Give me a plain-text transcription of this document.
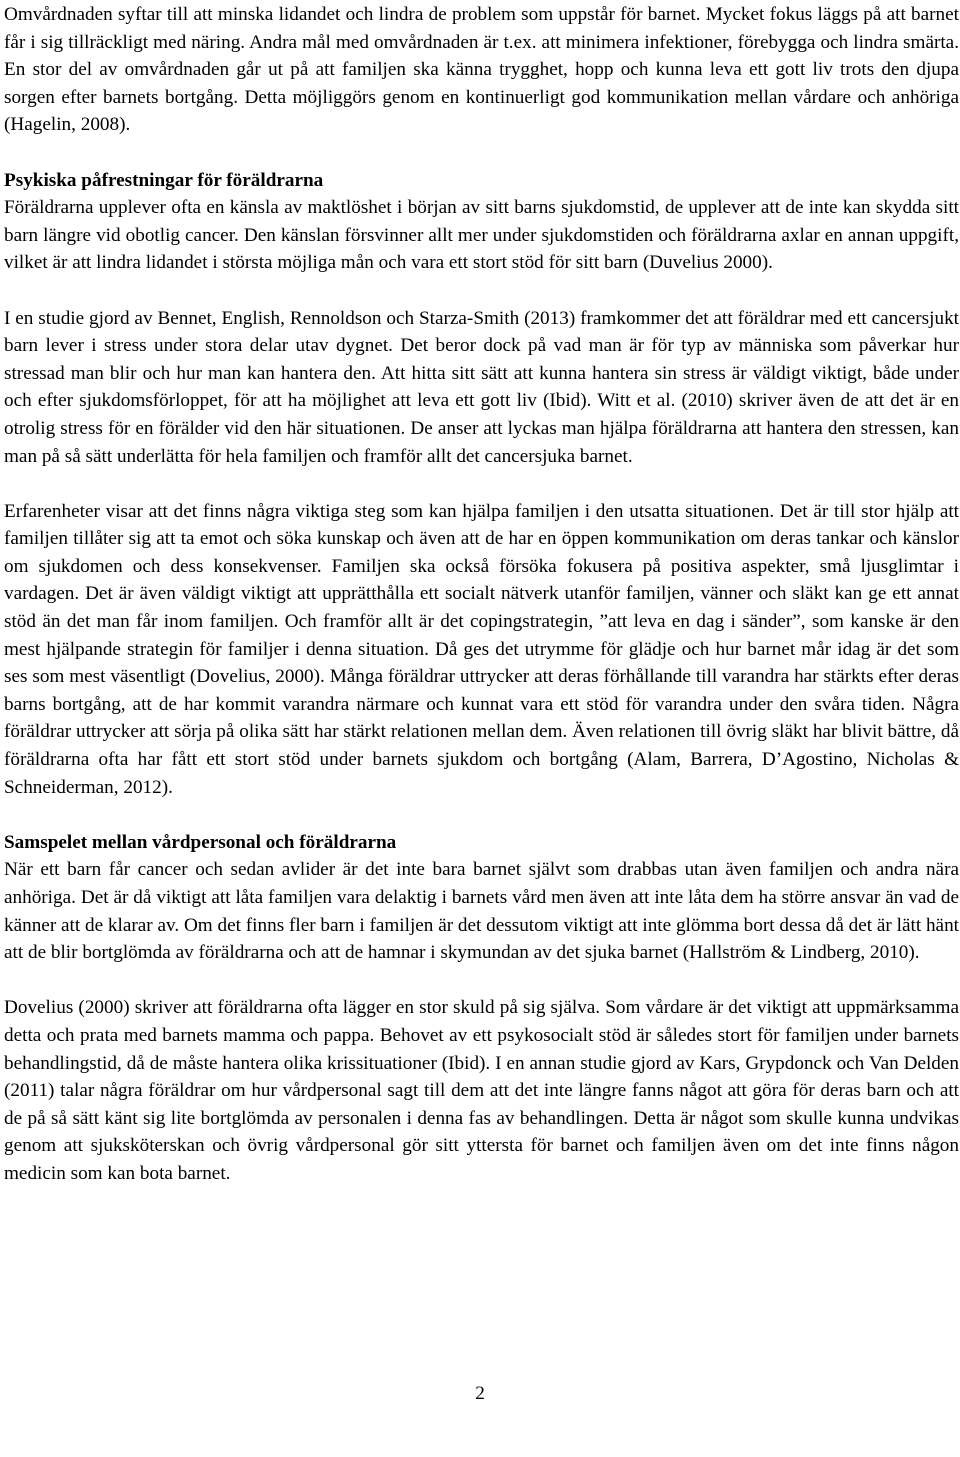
Omvårdnaden syftar till att minska lidandet och lindra de problem som uppstår för barnet. Mycket fokus läggs på att barnet får i sig tillräckligt med näring. Andra mål med omvårdnaden är t.ex. att minimera infektioner, förebygga och lindra smärta. En stor del av omvårdnaden går ut på att familjen ska känna trygghet, hopp och kunna leva ett gott liv trots den djupa sorgen efter barnets bortgång. Detta möjliggörs genom en kontinuerligt god kommunikation mellan vårdare och anhöriga (Hagelin, 2008).

Psykiska påfrestningar för föräldrarna
Föräldrarna upplever ofta en känsla av maktlöshet i början av sitt barns sjukdomstid, de upplever att de inte kan skydda sitt barn längre vid obotlig cancer. Den känslan försvinner allt mer under sjukdomstiden och föräldrarna axlar en annan uppgift, vilket är att lindra lidandet i största möjliga mån och vara ett stort stöd för sitt barn (Duvelius 2000).

I en studie gjord av Bennet, English, Rennoldson och Starza-Smith (2013) framkommer det att föräldrar med ett cancersjukt barn lever i stress under stora delar utav dygnet. Det beror dock på vad man är för typ av människa som påverkar hur stressad man blir och hur man kan hantera den. Att hitta sitt sätt att kunna hantera sin stress är väldigt viktigt, både under och efter sjukdomsförloppet, för att ha möjlighet att leva ett gott liv (Ibid). Witt et al. (2010) skriver även de att det är en otrolig stress för en förälder vid den här situationen. De anser att lyckas man hjälpa föräldrarna att hantera den stressen, kan man på så sätt underlätta för hela familjen och framför allt det cancersjuka barnet.

Erfarenheter visar att det finns några viktiga steg som kan hjälpa familjen i den utsatta situationen. Det är till stor hjälp att familjen tillåter sig att ta emot och söka kunskap och även att de har en öppen kommunikation om deras tankar och känslor om sjukdomen och dess konsekvenser. Familjen ska också försöka fokusera på positiva aspekter, små ljusglimtar i vardagen. Det är även väldigt viktigt att upprätthålla ett socialt nätverk utanför familjen, vänner och släkt kan ge ett annat stöd än det man får inom familjen. Och framför allt är det copingstrategin, ”att leva en dag i sänder”, som kanske är den mest hjälpande strategin för familjer i denna situation. Då ges det utrymme för glädje och hur barnet mår idag är det som ses som mest väsentligt (Dovelius, 2000). Många föräldrar uttrycker att deras förhållande till varandra har stärkts efter deras barns bortgång, att de har kommit varandra närmare och kunnat vara ett stöd för varandra under den svåra tiden. Några föräldrar uttrycker att sörja på olika sätt har stärkt relationen mellan dem. Även relationen till övrig släkt har blivit bättre, då föräldrarna ofta har fått ett stort stöd under barnets sjukdom och bortgång (Alam, Barrera, D’Agostino, Nicholas & Schneiderman, 2012).

Samspelet mellan vårdpersonal och föräldrarna
När ett barn får cancer och sedan avlider är det inte bara barnet självt som drabbas utan även familjen och andra nära anhöriga. Det är då viktigt att låta familjen vara delaktig i barnets vård men även att inte låta dem ha större ansvar än vad de känner att de klarar av. Om det finns fler barn i familjen är det dessutom viktigt att inte glömma bort dessa då det är lätt hänt att de blir bortglömda av föräldrarna och att de hamnar i skymundan av det sjuka barnet (Hallström & Lindberg, 2010).

Dovelius (2000) skriver att föräldrarna ofta lägger en stor skuld på sig själva. Som vårdare är det viktigt att uppmärksamma detta och prata med barnets mamma och pappa. Behovet av ett psykosocialt stöd är således stort för familjen under barnets behandlingstid, då de måste hantera olika krissituationer (Ibid). I en annan studie gjord av Kars, Grypdonck och Van Delden (2011) talar några föräldrar om hur vårdpersonal sagt till dem att det inte längre fanns något att göra för deras barn och att de på så sätt känt sig lite bortglömda av personalen i denna fas av behandlingen. Detta är något som skulle kunna undvikas genom att sjuksköterskan och övrig vårdpersonal gör sitt yttersta för barnet och familjen även om det inte finns någon medicin som kan bota barnet.

2
